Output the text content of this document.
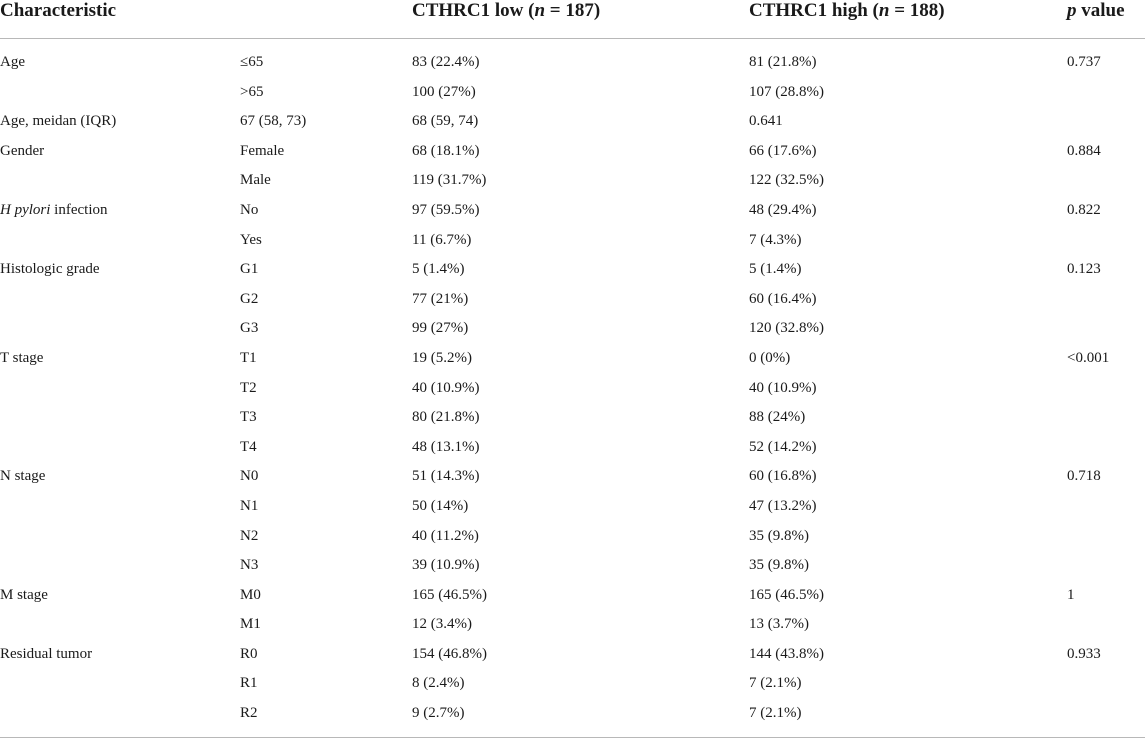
Characteristic	CTHRC1 low (n = 187)	CTHRC1 high (n = 188)	p value
Age	≤65	83 (22.4%)	81 (21.8%)	0.737
>65	100 (27%)	107 (28.8%)
Age, meidan (IQR)	67 (58, 73)	68 (59, 74)	0.641
Gender	Female	68 (18.1%)	66 (17.6%)	0.884
Male	119 (31.7%)	122 (32.5%)
H pylori infection	No	97 (59.5%)	48 (29.4%)	0.822
Yes	11 (6.7%)	7 (4.3%)
Histologic grade	G1	5 (1.4%)	5 (1.4%)	0.123
G2	77 (21%)	60 (16.4%)
G3	99 (27%)	120 (32.8%)
T stage	T1	19 (5.2%)	0 (0%)	<0.001
T2	40 (10.9%)	40 (10.9%)
T3	80 (21.8%)	88 (24%)
T4	48 (13.1%)	52 (14.2%)
N stage	N0	51 (14.3%)	60 (16.8%)	0.718
N1	50 (14%)	47 (13.2%)
N2	40 (11.2%)	35 (9.8%)
N3	39 (10.9%)	35 (9.8%)
M stage	M0	165 (46.5%)	165 (46.5%)	1
M1	12 (3.4%)	13 (3.7%)
Residual tumor	R0	154 (46.8%)	144 (43.8%)	0.933
R1	8 (2.4%)	7 (2.1%)
R2	9 (2.7%)	7 (2.1%)
